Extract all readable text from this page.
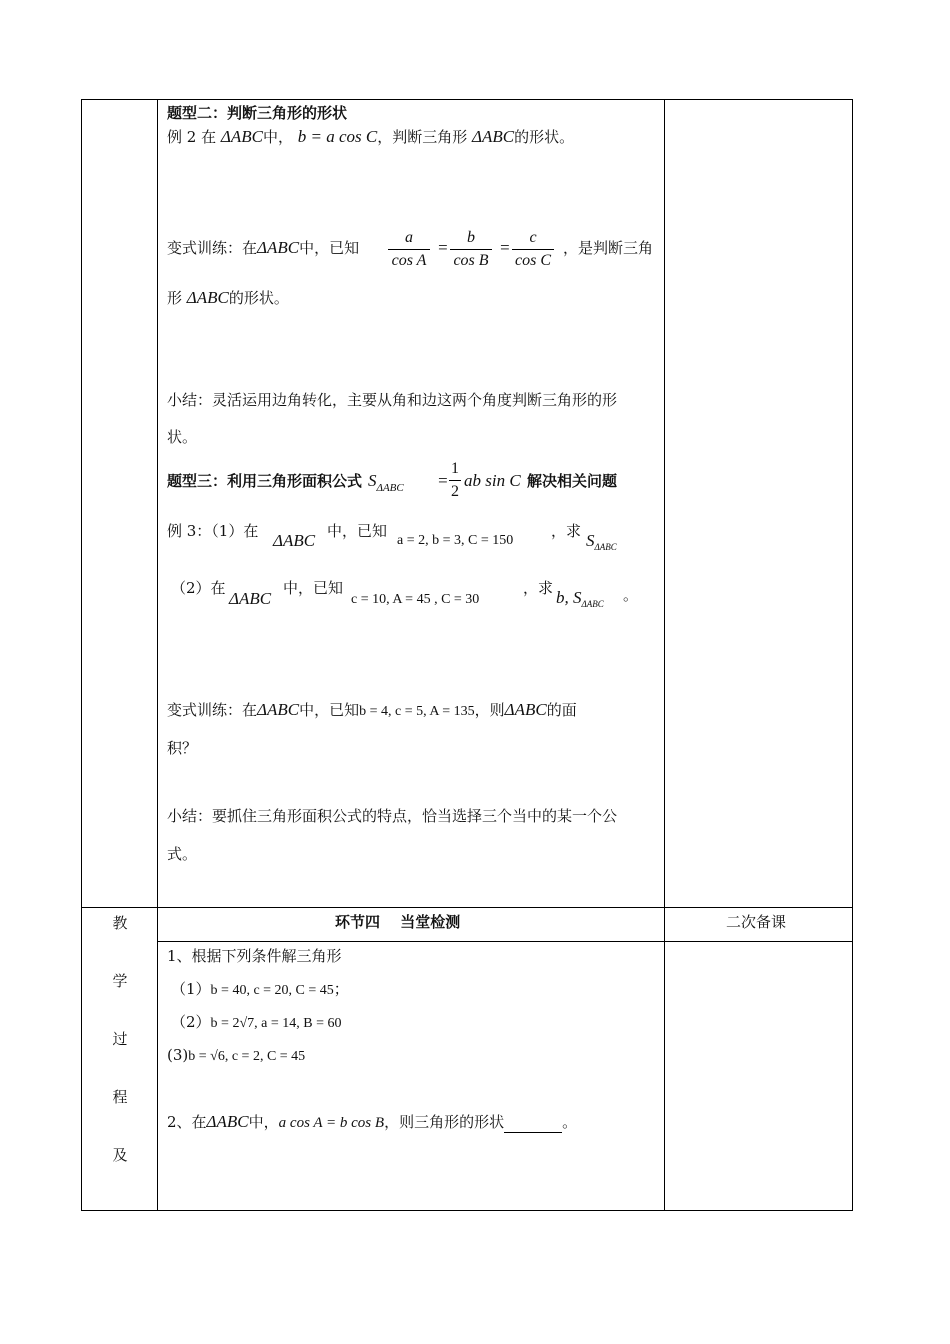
题型二：判断三角形的形状
例 2 在 ΔABC中， b = a cos C，判断三角形 ΔABC的形状。
变式训练：在ΔABC中，已知
a
cos A
=
b
cos B
=
c
cos C
，是判断三角
形 ΔABC的形状。
小结：灵活运用边角转化，主要从角和边这两个角度判断三角形的形
状。
题型三：利用三角形面积公式 $S_{\Delta ABC}$ =
1
2
ab sin C 解决相关问题
例 3：（1）在 ΔABC 中，已知
a = 2, b = 3, C = 150
，求 $S_{\Delta ABC}$
（2）在
ΔABC
中，已知
c = 10, A = 45 , C = 30
，求 b, $S_{\Delta ABC}$ 。
变式训练：在ΔABC中，已知b = 4, c = 5, A = 135，则ΔABC的面
积？
小结：要抓住三角形面积公式的特点，恰当选择三个当中的某一个公
式。
教
学
过
程
及
环节四　 当堂检测	二次备课
1、根据下列条件解三角形
（1）b = 40, c = 20, C = 45；
（2）b = 2√7, a = 14, B = 60
(3)b = √6, c = 2, C = 45
2、在ΔABC中，a cos A = b cos B，则三角形的形状	。
